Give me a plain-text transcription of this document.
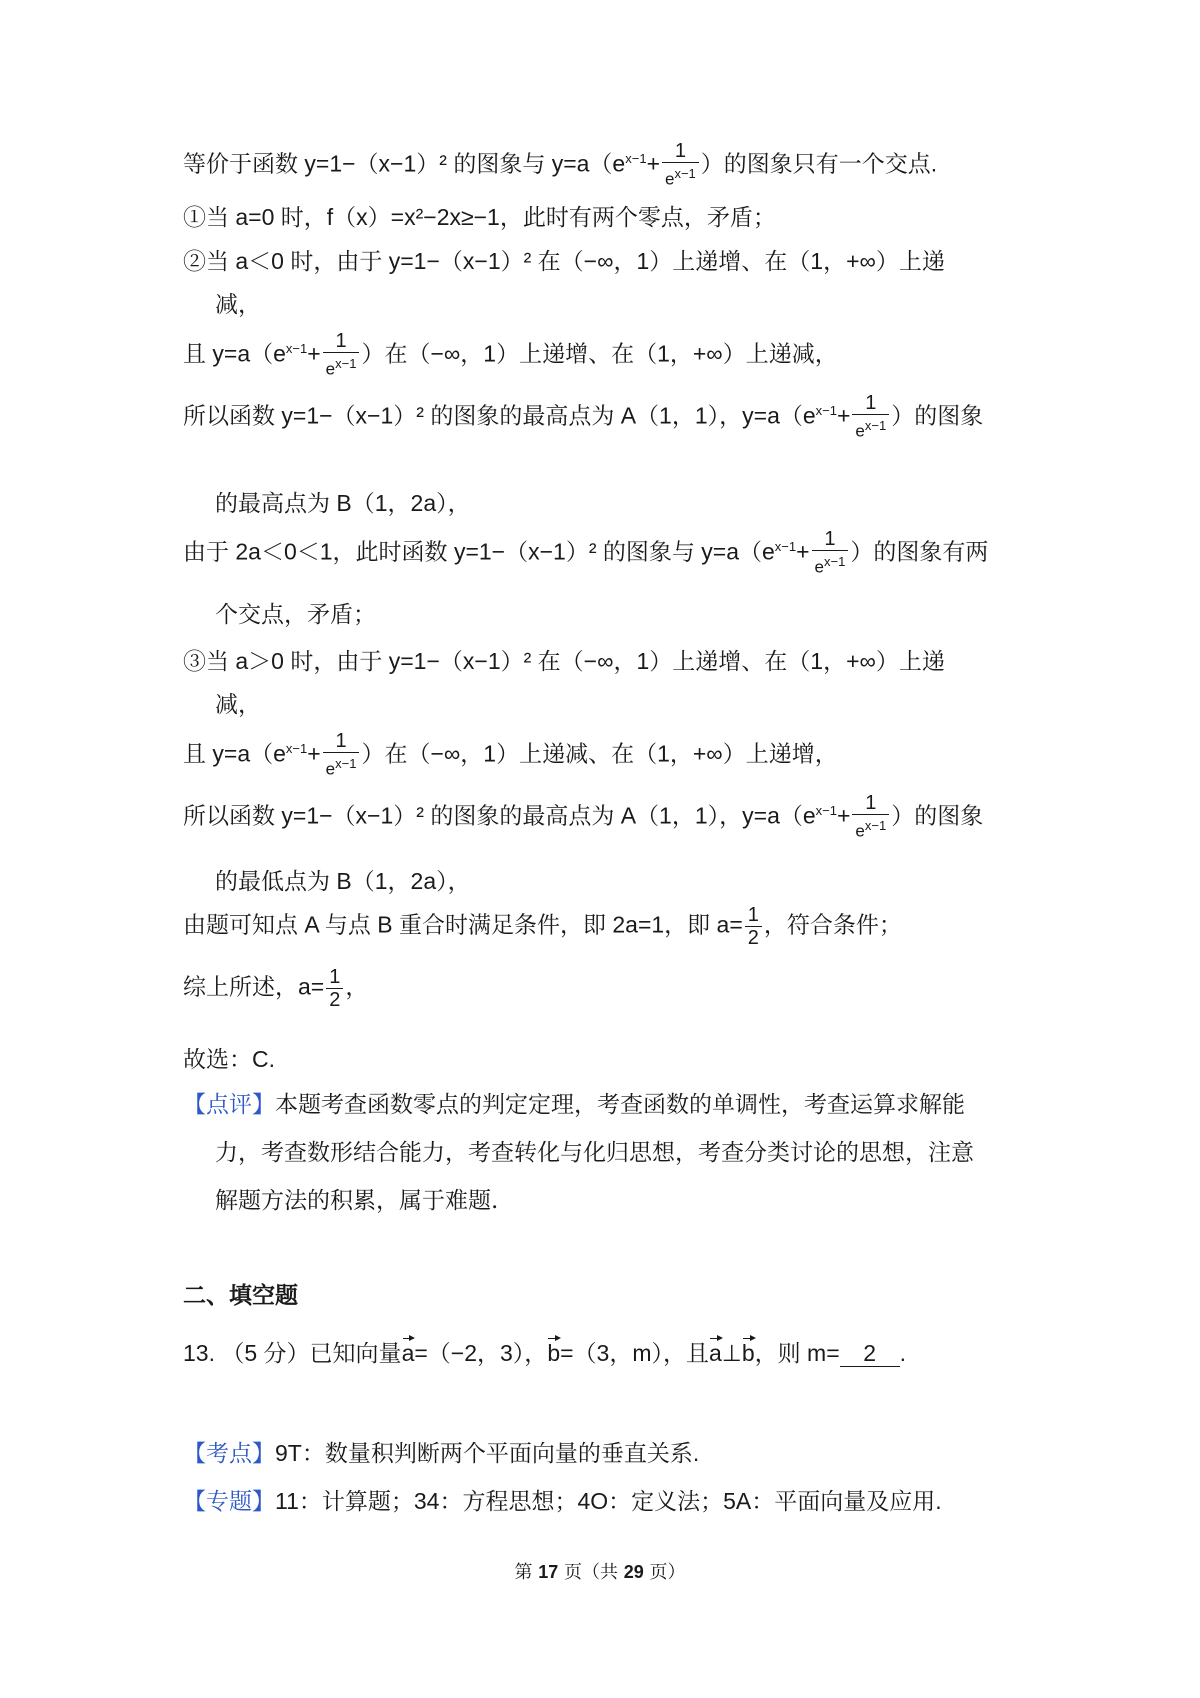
等价于函数 y=1−（x−1）² 的图象与 $y=a(e^{x-1}+ \frac{1}{e^{x-1}}$ ）的图象只有一个交点.
①当 a=0 时，f（x）=x²−2x≥−1，此时有两个零点，矛盾；
②当 a＜0 时，由于 y=1−（x−1）² 在（−∞，1）上递增、在（1，+∞）上递
减，
且 $y=a(e^{x-1}+ \frac{1}{e^{x-1}}$ ）在（−∞，1）上递增、在（1，+∞）上递减，
所以函数 y=1−（x−1）² 的图象的最高点为 A（1，1），$y=a(e^{x-1}+ \frac{1}{e^{x-1}}$ ）的图象
的最高点为 B（1，2a），
由于 2a＜0＜1，此时函数 y=1−（x−1）² 的图象与 $y=a(e^{x-1}+ \frac{1}{e^{x-1}}$ ）的图象有两
个交点，矛盾；
③当 a＞0 时，由于 y=1−（x−1）² 在（−∞，1）上递增、在（1，+∞）上递
减，
且 $y=a(e^{x-1}+ \frac{1}{e^{x-1}}$ ）在（−∞，1）上递减、在（1，+∞）上递增，
所以函数 y=1−（x−1）² 的图象的最高点为 A（1，1），$y=a(e^{x-1}+ \frac{1}{e^{x-1}}$ ）的图象
的最低点为 B（1，2a），
由题可知点 A 与点 B 重合时满足条件，即 2a=1，即 $a= \frac{1}{2}$ ，符合条件；
综上所述，$a= \frac{1}{2}$ ，
故选：C.
【点评】本题考查函数零点的判定定理，考查函数的单调性，考查运算求解能
力，考查数形结合能力，考查转化与化归思想，考查分类讨论的思想，注意
解题方法的积累，属于难题.
二、填空题
13. （5 分）已知向量a=（−2，3），b=（3，m），且a⊥b，则 m= 2 .
【考点】9T：数量积判断两个平面向量的垂直关系.
【专题】11：计算题；34：方程思想；4O：定义法；5A：平面向量及应用.
第 17 页（共 29 页）
